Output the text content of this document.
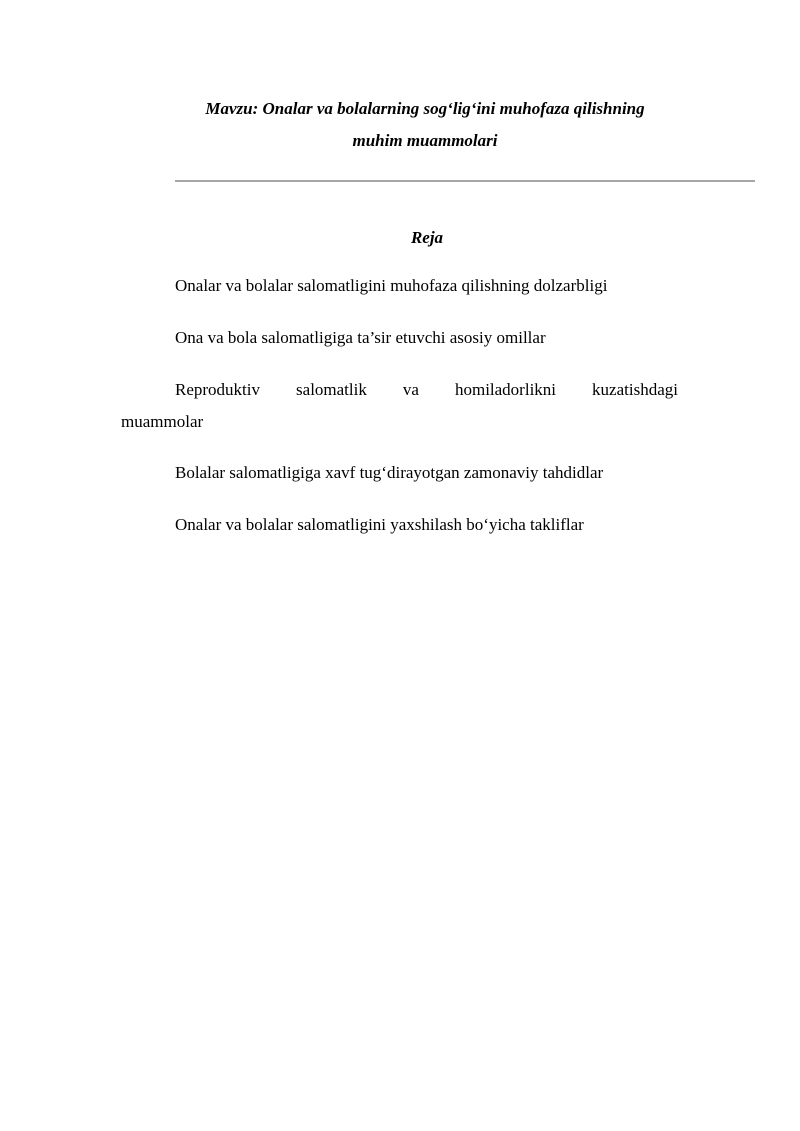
Mavzu: Onalar va bolalarning sog‘lig‘ini muhofaza qilishning
muhim muammolari
Reja
Onalar va bolalar salomatligini muhofaza qilishning dolzarbligi
Ona va bola salomatligiga ta’sir etuvchi asosiy omillar
Reproduktiv salomatlik va homiladorlikni kuzatishdagi
muammolar
Bolalar salomatligiga xavf tug‘dirayotgan zamonaviy tahdidlar
Onalar va bolalar salomatligini yaxshilash bo‘yicha takliflar
